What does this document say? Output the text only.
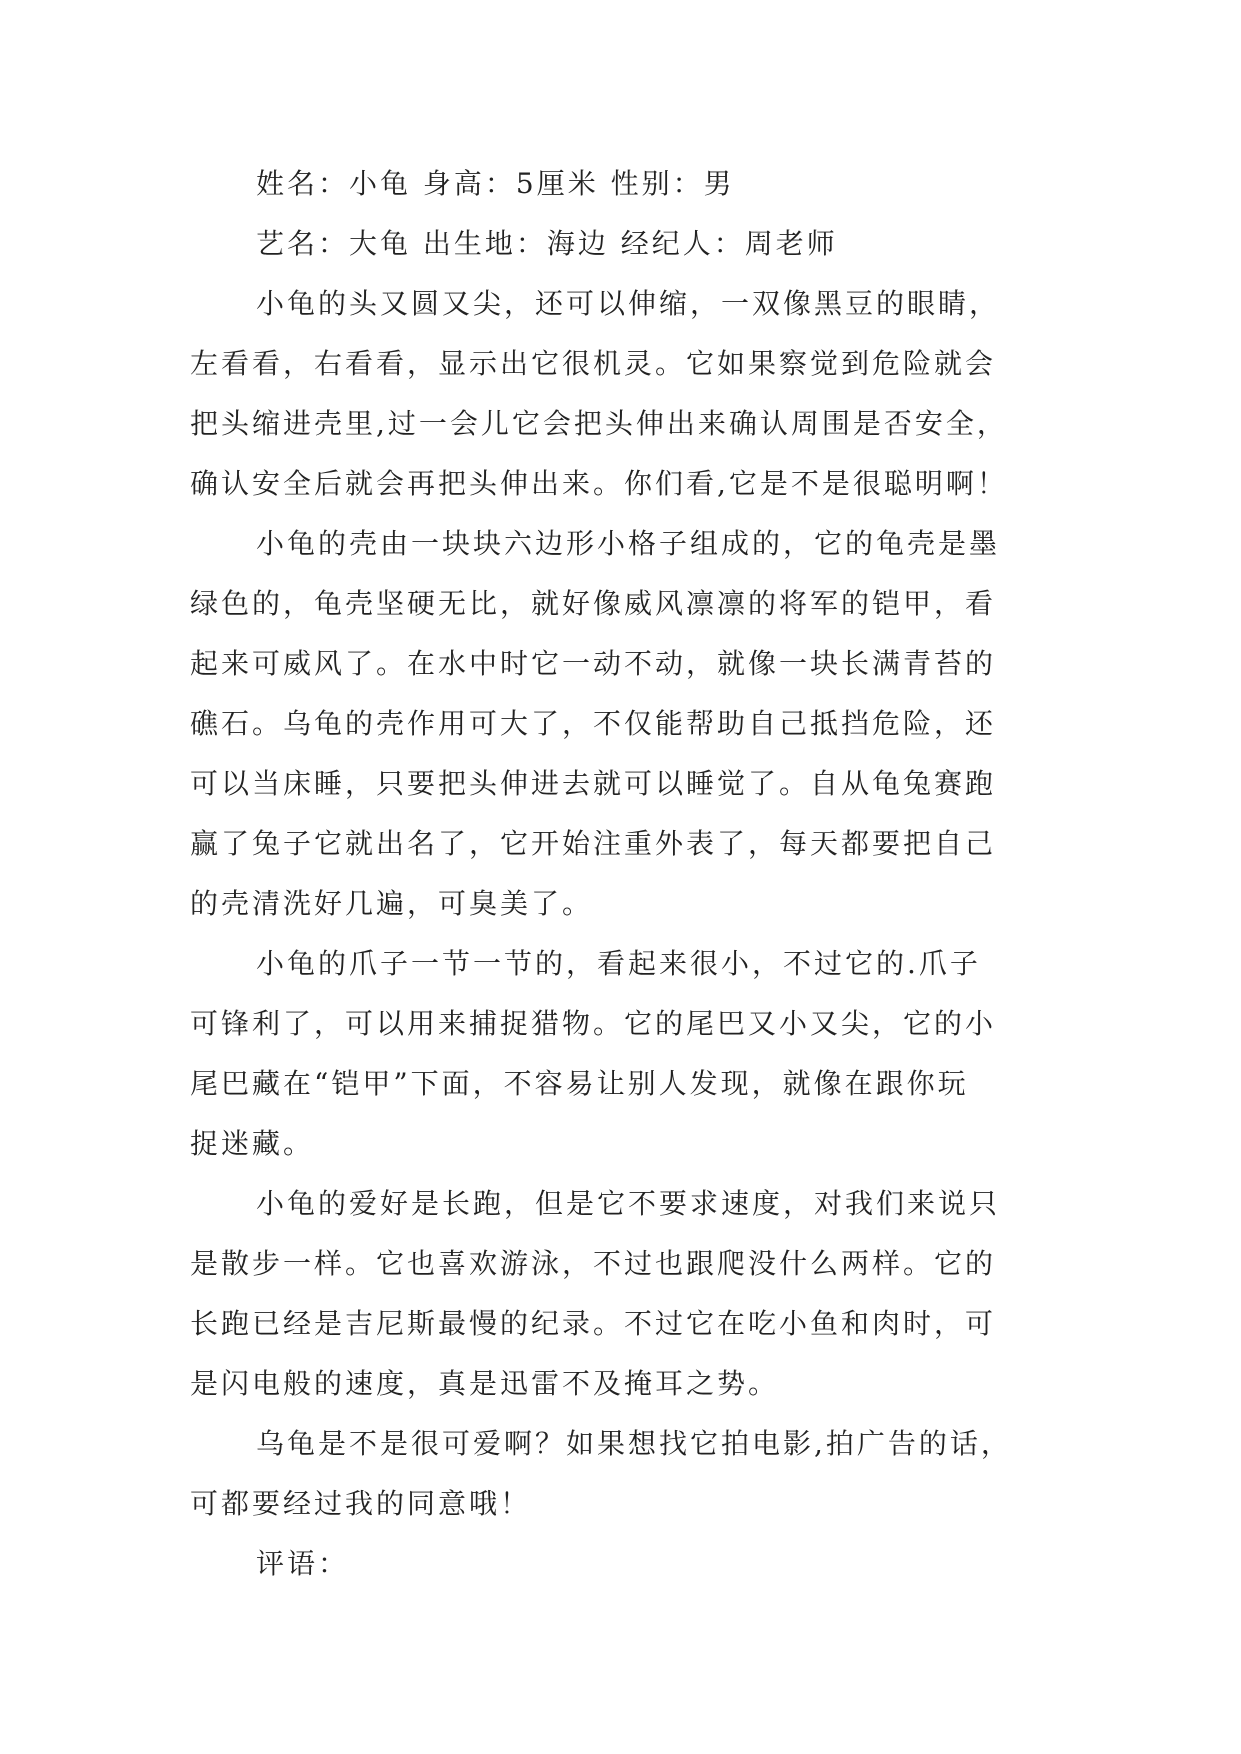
姓名：小龟 身高：5厘米 性别：男
艺名：大龟 出生地：海边 经纪人：周老师
小龟的头又圆又尖，还可以伸缩，一双像黑豆的眼睛，
左看看，右看看，显示出它很机灵。它如果察觉到危险就会
把头缩进壳里,过一会儿它会把头伸出来确认周围是否安全，
确认安全后就会再把头伸出来。你们看,它是不是很聪明啊！
小龟的壳由一块块六边形小格子组成的，它的龟壳是墨
绿色的，龟壳坚硬无比，就好像威风凛凛的将军的铠甲，看
起来可威风了。在水中时它一动不动，就像一块长满青苔的
礁石。乌龟的壳作用可大了，不仅能帮助自己抵挡危险，还
可以当床睡，只要把头伸进去就可以睡觉了。自从龟兔赛跑
赢了兔子它就出名了，它开始注重外表了，每天都要把自己
的壳清洗好几遍，可臭美了。
小龟的爪子一节一节的，看起来很小，不过它的.爪子
可锋利了，可以用来捕捉猎物。它的尾巴又小又尖，它的小
尾巴藏在“铠甲”下面，不容易让别人发现，就像在跟你玩
捉迷藏。
小龟的爱好是长跑，但是它不要求速度，对我们来说只
是散步一样。它也喜欢游泳，不过也跟爬没什么两样。它的
长跑已经是吉尼斯最慢的纪录。不过它在吃小鱼和肉时，可
是闪电般的速度，真是迅雷不及掩耳之势。
乌龟是不是很可爱啊？如果想找它拍电影,拍广告的话，
可都要经过我的同意哦！
评语：
